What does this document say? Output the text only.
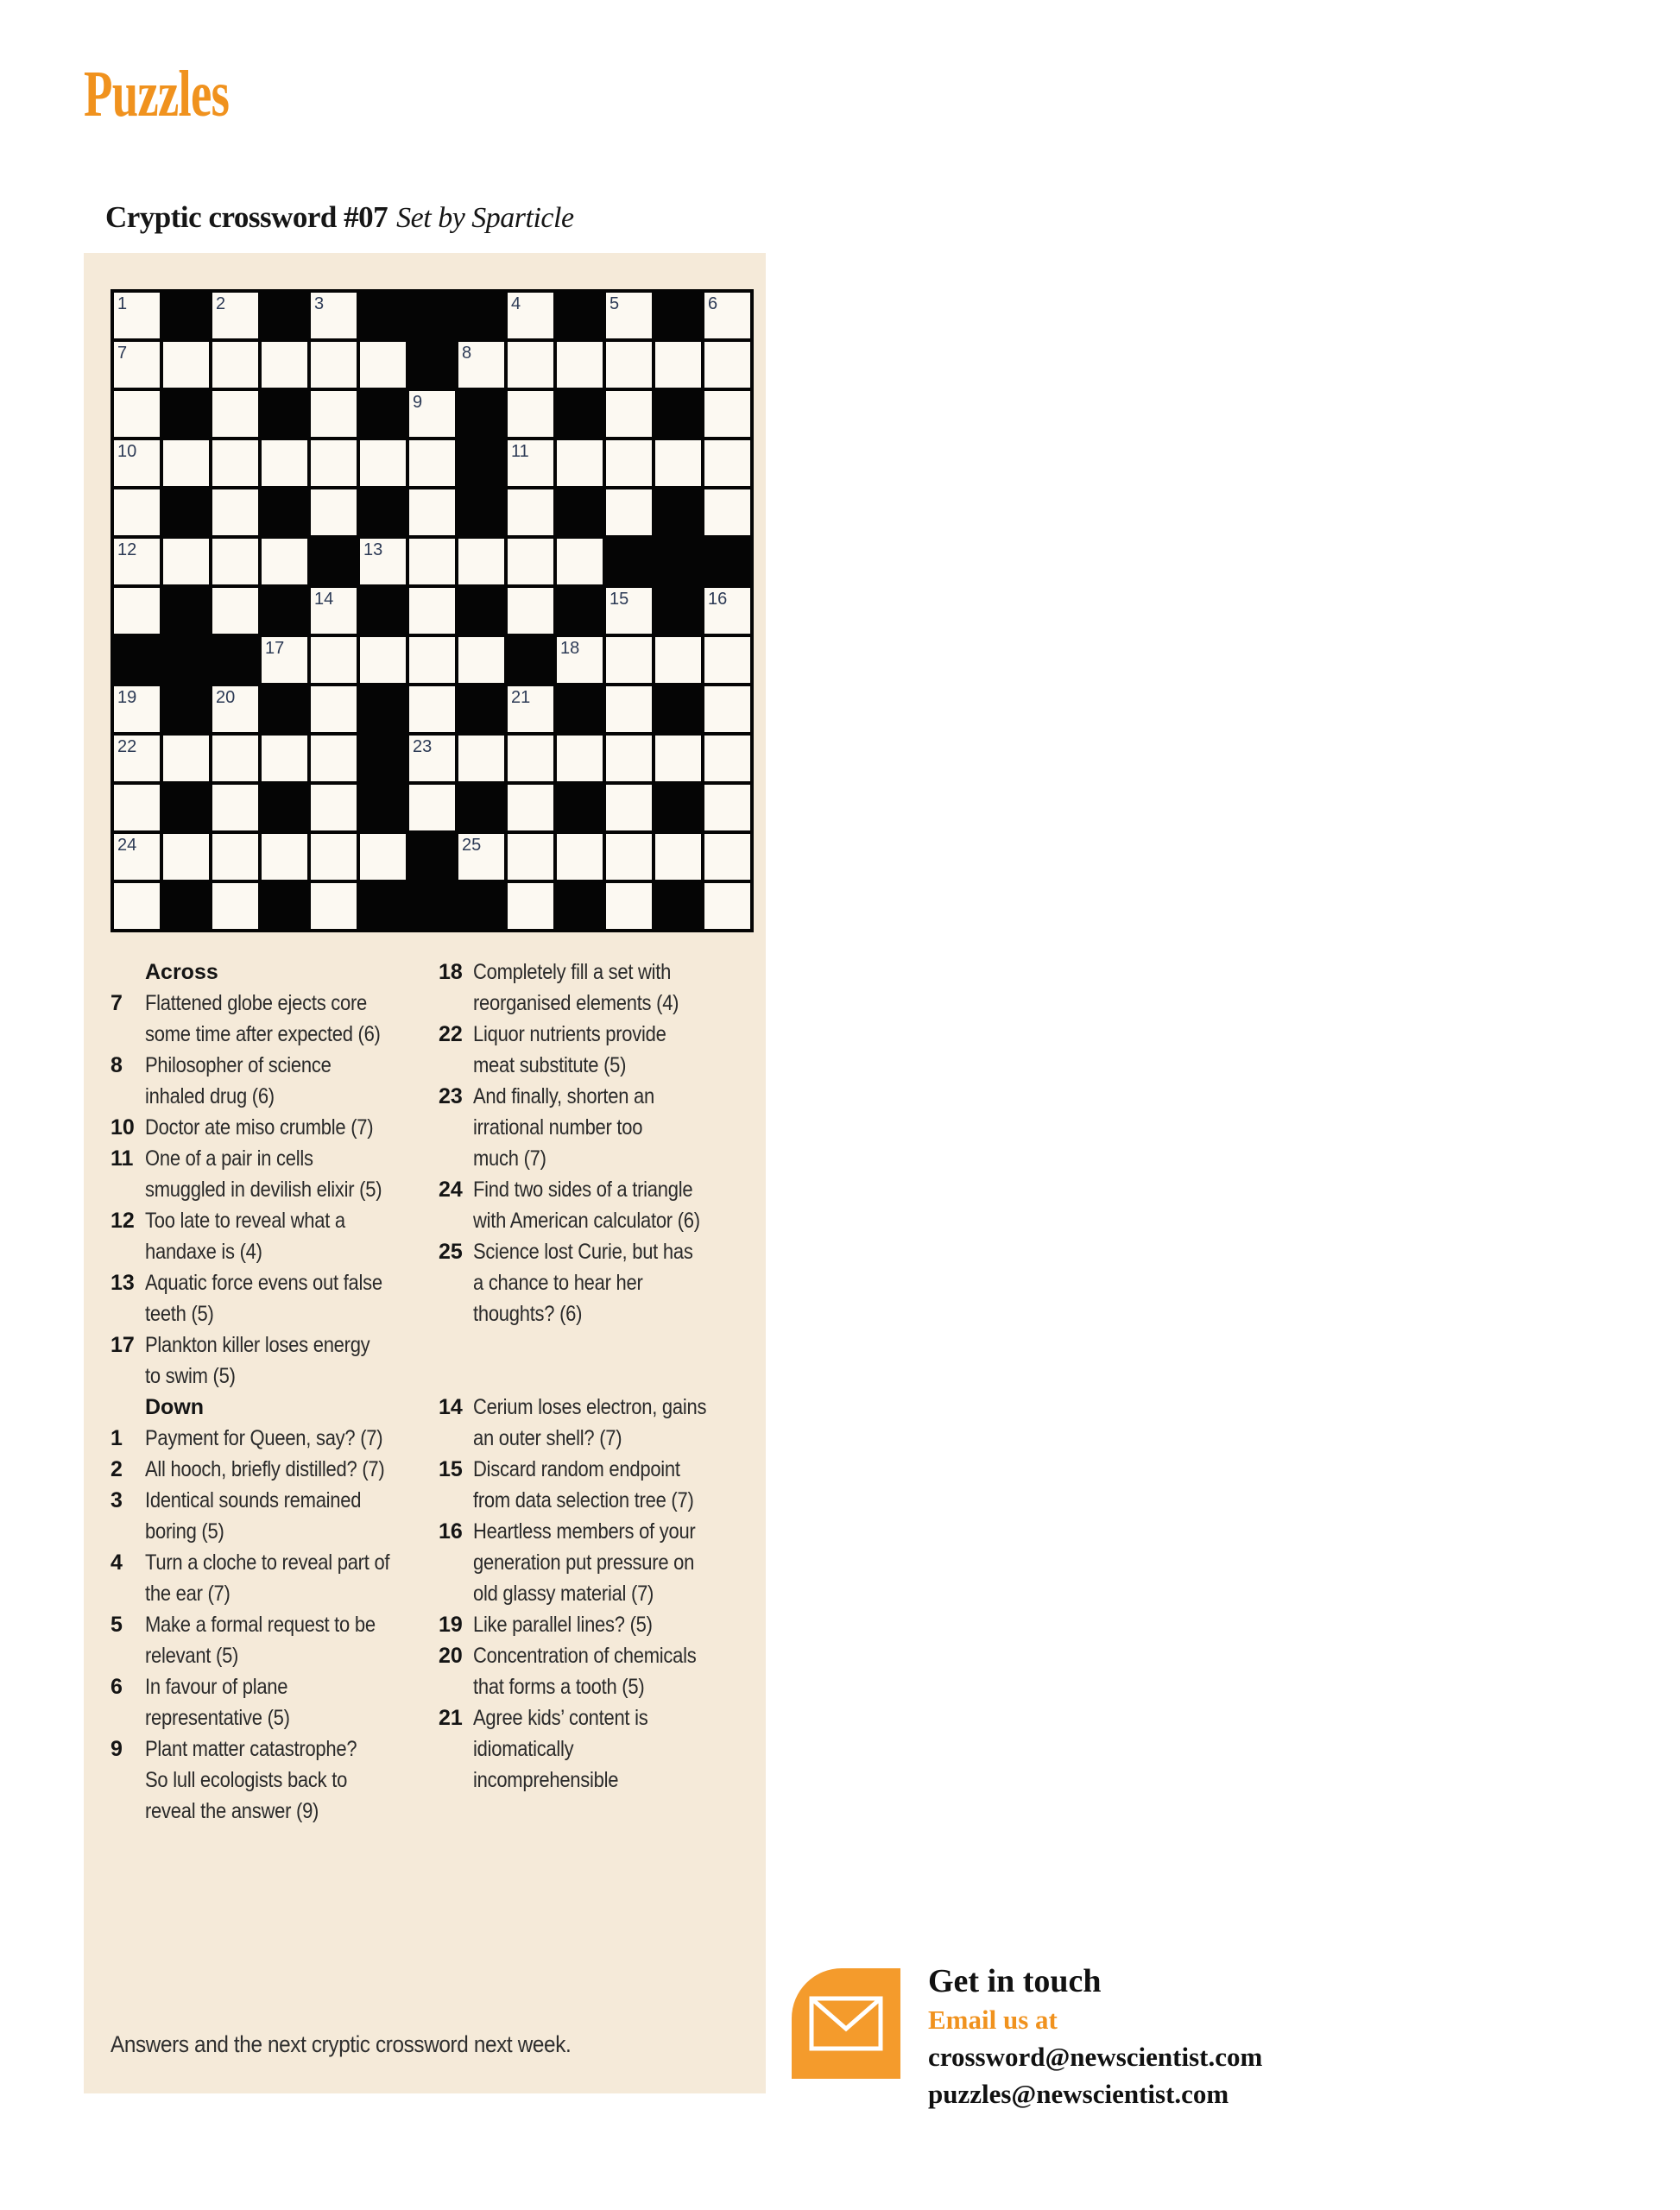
Puzzles
Cryptic crossword #07 Set by Sparticle
1	2	3	4	5	6
7	8
9
10	11
12	13
14	15	16
17	18
19	20	21
22	23
24	25
Across
7	Flattened globe ejects core
some time after expected (6)
8	Philosopher of science
inhaled drug (6)
10 Doctor ate miso crumble (7)
11 One of a pair in cells
smuggled in devilish elixir (5)
12 Too late to reveal what a
handaxe is (4)
13 Aquatic force evens out false
teeth (5)
17 Plankton killer loses energy
to swim (5)
Down
1	Payment for Queen, say? (7)
2	All hooch, briefly distilled? (7)
3	Identical sounds remained
boring (5)
4	Turn a cloche to reveal part of
the ear (7)
5	Make a formal request to be
relevant (5)
6	In favour of plane
representative (5)
9	Plant matter catastrophe?
So lull ecologists back to
reveal the answer (9)
18 Completely fill a set with
reorganised elements (4)
22 Liquor nutrients provide
meat substitute (5)
23 And finally, shorten an
irrational number too
much (7)
24 Find two sides of a triangle
with American calculator (6)
25 Science lost Curie, but has
a chance to hear her
thoughts? (6)
14 Cerium loses electron, gains
an outer shell? (7)
15 Discard random endpoint
from data selection tree (7)
16 Heartless members of your
generation put pressure on
old glassy material (7)
19 Like parallel lines? (5)
20 Concentration of chemicals
that forms a tooth (5)
21 Agree kids’ content is
idiomatically
incomprehensible
Answers and the next cryptic crossword next week.
Get in touch
Email us at
crossword@newscientist.com
puzzles@newscientist.com
